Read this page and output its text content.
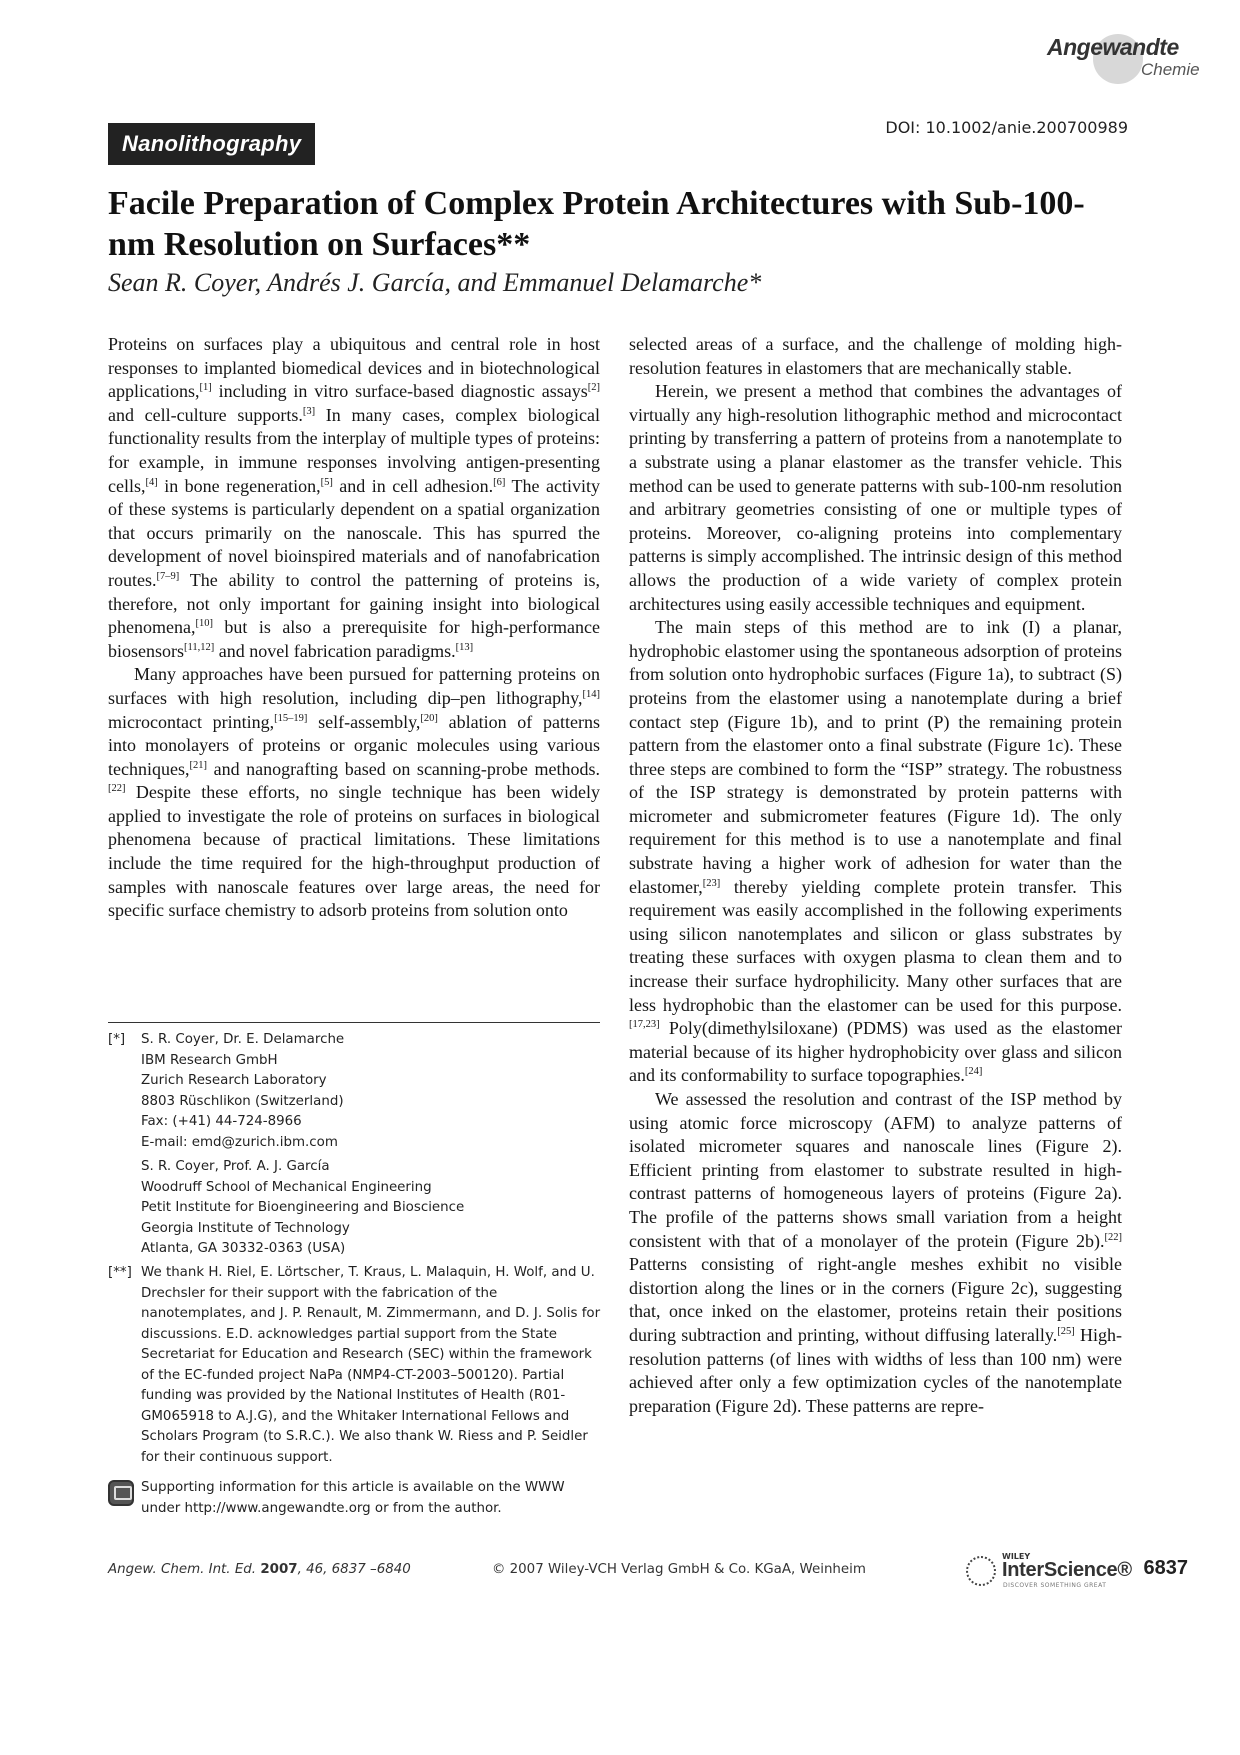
Angewandte
Chemie
DOI: 10.1002/anie.200700989
Nanolithography
Facile Preparation of Complex Protein Architectures with Sub-100-nm Resolution on Surfaces**
Sean R. Coyer, Andrés J. García, and Emmanuel Delamarche*

Proteins on surfaces play a ubiquitous and central role in host responses to implanted biomedical devices and in biotechnological applications,[1] including in vitro surface-based diagnostic assays[2] and cell-culture supports.[3] In many cases, complex biological functionality results from the interplay of multiple types of proteins: for example, in immune responses involving antigen-presenting cells,[4] in bone regeneration,[5] and in cell adhesion.[6] The activity of these systems is particularly dependent on a spatial organization that occurs primarily on the nanoscale. This has spurred the development of novel bioinspired materials and of nanofabrication routes.[7–9] The ability to control the patterning of proteins is, therefore, not only important for gaining insight into biological phenomena,[10] but is also a prerequisite for high-performance biosensors[11,12] and novel fabrication paradigms.[13]

Many approaches have been pursued for patterning proteins on surfaces with high resolution, including dip–pen lithography,[14] microcontact printing,[15–19] self-assembly,[20] ablation of patterns into monolayers of proteins or organic molecules using various techniques,[21] and nanografting based on scanning-probe methods.[22] Despite these efforts, no single technique has been widely applied to investigate the role of proteins on surfaces in biological phenomena because of practical limitations. These limitations include the time required for the high-throughput production of samples with nanoscale features over large areas, the need for specific surface chemistry to adsorb proteins from solution onto

selected areas of a surface, and the challenge of molding high-resolution features in elastomers that are mechanically stable.

Herein, we present a method that combines the advantages of virtually any high-resolution lithographic method and microcontact printing by transferring a pattern of proteins from a nanotemplate to a substrate using a planar elastomer as the transfer vehicle. This method can be used to generate patterns with sub-100-nm resolution and arbitrary geometries consisting of one or multiple types of proteins. Moreover, co-aligning proteins into complementary patterns is simply accomplished. The intrinsic design of this method allows the production of a wide variety of complex protein architectures using easily accessible techniques and equipment.

The main steps of this method are to ink (I) a planar, hydrophobic elastomer using the spontaneous adsorption of proteins from solution onto hydrophobic surfaces (Figure 1a), to subtract (S) proteins from the elastomer using a nanotemplate during a brief contact step (Figure 1b), and to print (P) the remaining protein pattern from the elastomer onto a final substrate (Figure 1c). These three steps are combined to form the “ISP” strategy. The robustness of the ISP strategy is demonstrated by protein patterns with micrometer and submicrometer features (Figure 1d). The only requirement for this method is to use a nanotemplate and final substrate having a higher work of adhesion for water than the elastomer,[23] thereby yielding complete protein transfer. This requirement was easily accomplished in the following experiments using silicon nanotemplates and silicon or glass substrates by treating these surfaces with oxygen plasma to clean them and to increase their surface hydrophilicity. Many other surfaces that are less hydrophobic than the elastomer can be used for this purpose.[17,23] Poly(dimethylsiloxane) (PDMS) was used as the elastomer material because of its higher hydrophobicity over glass and silicon and its conformability to surface topographies.[24]

We assessed the resolution and contrast of the ISP method by using atomic force microscopy (AFM) to analyze patterns of isolated micrometer squares and nanoscale lines (Figure 2). Efficient printing from elastomer to substrate resulted in high-contrast patterns of homogeneous layers of proteins (Figure 2a). The profile of the patterns shows small variation from a height consistent with that of a monolayer of the protein (Figure 2b).[22] Patterns consisting of right-angle meshes exhibit no visible distortion along the lines or in the corners (Figure 2c), suggesting that, once inked on the elastomer, proteins retain their positions during subtraction and printing, without diffusing laterally.[25] High-resolution patterns (of lines with widths of less than 100 nm) were achieved after only a few optimization cycles of the nanotemplate preparation (Figure 2d). These patterns are repre-

[*] S. R. Coyer, Dr. E. Delamarche
IBM Research GmbH
Zurich Research Laboratory
8803 Rüschlikon (Switzerland)
Fax: (+41) 44-724-8966
E-mail: emd@zurich.ibm.com
S. R. Coyer, Prof. A. J. García
Woodruff School of Mechanical Engineering
Petit Institute for Bioengineering and Bioscience
Georgia Institute of Technology
Atlanta, GA 30332-0363 (USA)
[**] We thank H. Riel, E. Lörtscher, T. Kraus, L. Malaquin, H. Wolf, and U. Drechsler for their support with the fabrication of the nanotemplates, and J. P. Renault, M. Zimmermann, and D. J. Solis for discussions. E.D. acknowledges partial support from the State Secretariat for Education and Research (SEC) within the framework of the EC-funded project NaPa (NMP4-CT-2003–500120). Partial funding was provided by the National Institutes of Health (R01-GM065918 to A.J.G), and the Whitaker International Fellows and Scholars Program (to S.R.C.). We also thank W. Riess and P. Seidler for their continuous support.
Supporting information for this article is available on the WWW under http://www.angewandte.org or from the author.
Angew. Chem. Int. Ed. 2007, 46, 6837 –6840	© 2007 Wiley-VCH Verlag GmbH & Co. KGaA, Weinheim
WILEY
InterScience®
DISCOVER SOMETHING GREAT
6837
